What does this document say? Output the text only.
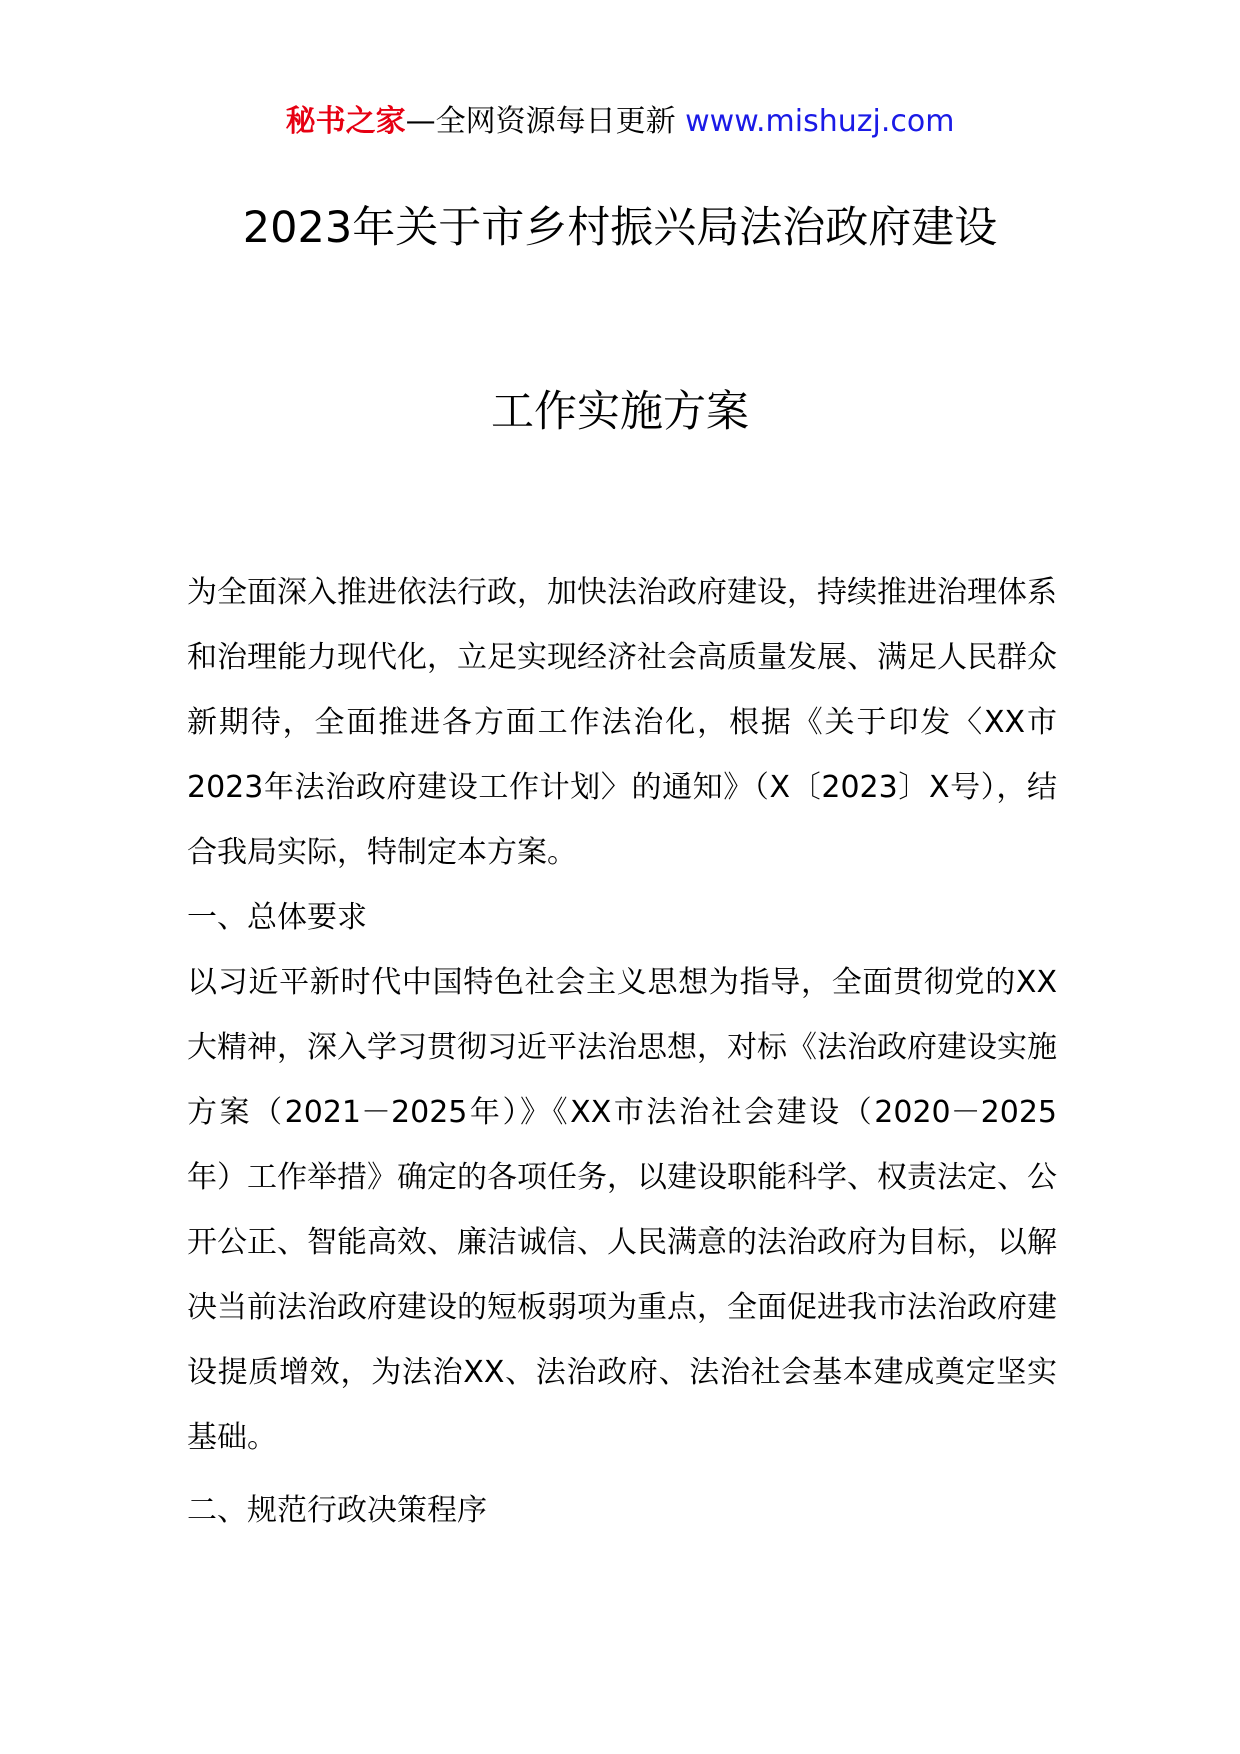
秘书之家—全网资源每日更新 www.mishuzj.com
2023年关于市乡村振兴局法治政府建设
工作实施方案

为全面深入推进依法行政，加快法治政府建设，持续推进治理体系和治理能力现代化，立足实现经济社会高质量发展、满足人民群众新期待，全面推进各方面工作法治化，根据《关于印发〈XX市2023年法治政府建设工作计划〉的通知》（X〔2023〕X号），结合我局实际，特制定本方案。

一、总体要求

以习近平新时代中国特色社会主义思想为指导，全面贯彻党的XX大精神，深入学习贯彻习近平法治思想，对标《法治政府建设实施方案（2021－2025年）》《XX市法治社会建设（2020－2025年）工作举措》确定的各项任务，以建设职能科学、权责法定、公开公正、智能高效、廉洁诚信、人民满意的法治政府为目标，以解决当前法治政府建设的短板弱项为重点，全面促进我市法治政府建设提质增效，为法治XX、法治政府、法治社会基本建成奠定坚实基础。

二、规范行政决策程序
